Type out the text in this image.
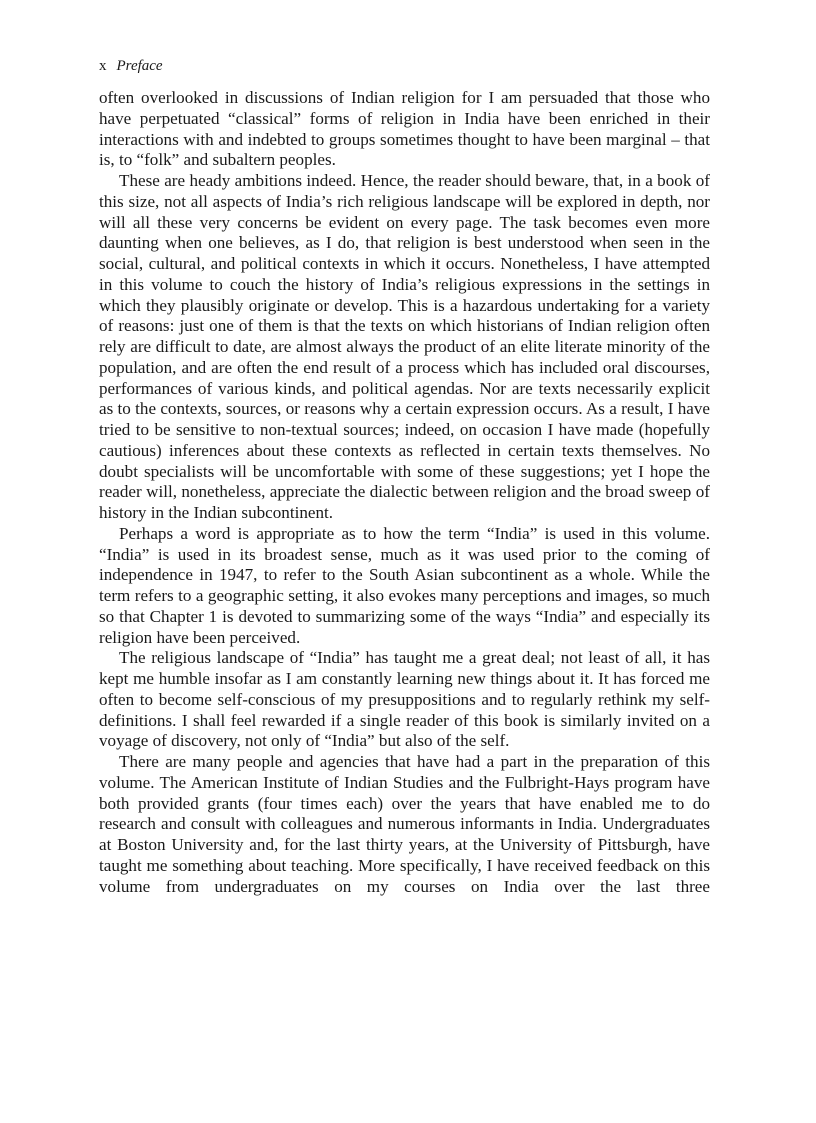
x Preface

often overlooked in discussions of Indian religion for I am persuaded that those who have perpetuated “classical” forms of religion in India have been enriched in their interactions with and indebted to groups sometimes thought to have been marginal – that is, to “folk” and subaltern peoples.

These are heady ambitions indeed. Hence, the reader should beware, that, in a book of this size, not all aspects of India’s rich religious landscape will be explored in depth, nor will all these very concerns be evident on every page. The task becomes even more daunting when one believes, as I do, that religion is best understood when seen in the social, cultural, and political contexts in which it occurs. Nonetheless, I have attempted in this volume to couch the history of India’s religious expressions in the settings in which they plausibly originate or develop. This is a hazardous undertaking for a variety of reasons: just one of them is that the texts on which historians of Indian religion often rely are difficult to date, are almost always the product of an elite literate minority of the population, and are often the end result of a process which has included oral discourses, performances of various kinds, and political agendas. Nor are texts necessarily explicit as to the contexts, sources, or reasons why a certain expression occurs. As a result, I have tried to be sensitive to non-textual sources; indeed, on occasion I have made (hopefully cautious) inferences about these contexts as reflected in certain texts themselves. No doubt specialists will be uncomfortable with some of these suggestions; yet I hope the reader will, nonetheless, appreciate the dialectic between religion and the broad sweep of history in the Indian subcontinent.

Perhaps a word is appropriate as to how the term “India” is used in this volume. “India” is used in its broadest sense, much as it was used prior to the coming of independence in 1947, to refer to the South Asian subcontinent as a whole. While the term refers to a geographic setting, it also evokes many perceptions and images, so much so that Chapter 1 is devoted to summarizing some of the ways “India” and especially its religion have been perceived.

The religious landscape of “India” has taught me a great deal; not least of all, it has kept me humble insofar as I am constantly learning new things about it. It has forced me often to become self-conscious of my presuppositions and to regularly rethink my self-definitions. I shall feel rewarded if a single reader of this book is similarly invited on a voyage of discovery, not only of “India” but also of the self.

There are many people and agencies that have had a part in the preparation of this volume. The American Institute of Indian Studies and the Fulbright-Hays program have both provided grants (four times each) over the years that have enabled me to do research and consult with colleagues and numerous informants in India. Undergraduates at Boston University and, for the last thirty years, at the University of Pittsburgh, have taught me something about teaching. More specifically, I have received feedback on this volume from undergraduates on my courses on India over the last three
